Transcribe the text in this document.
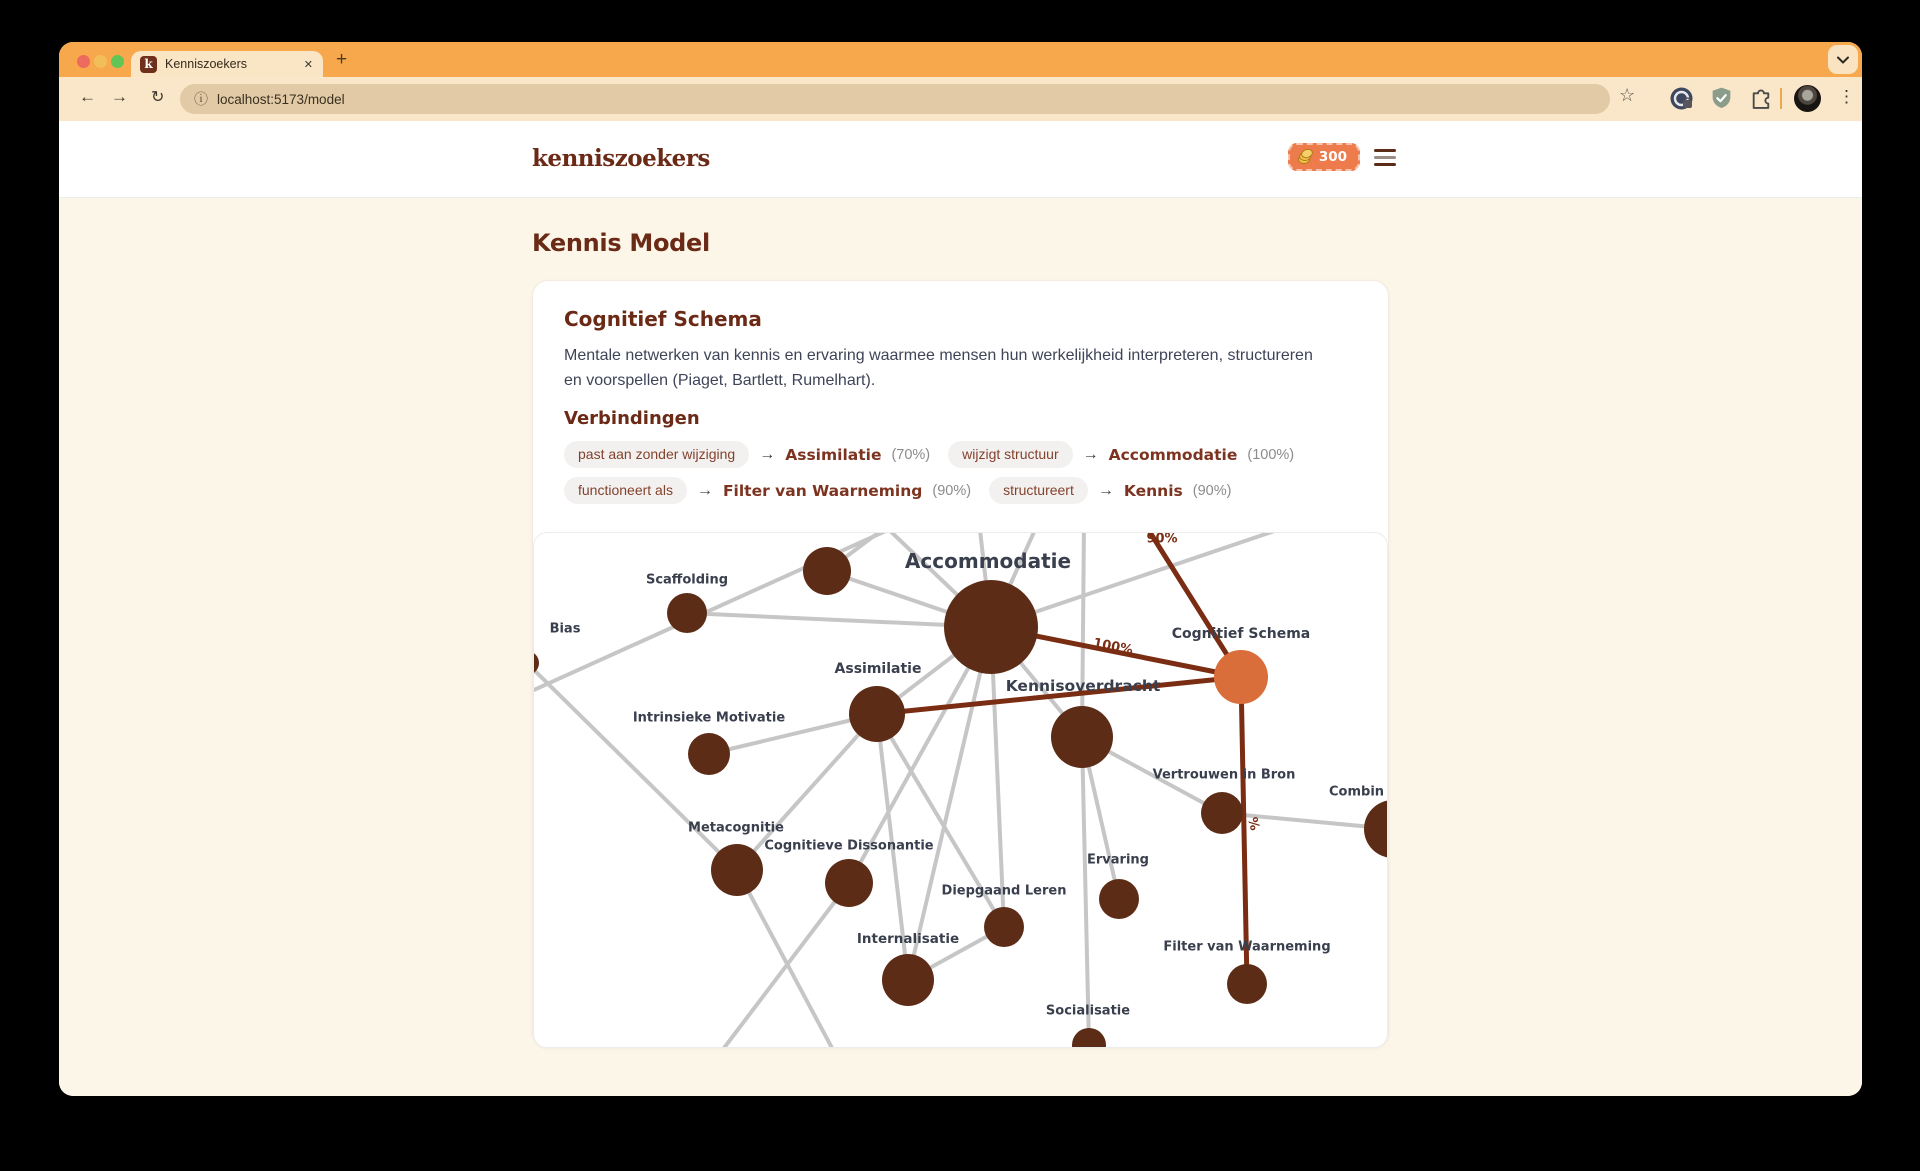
k Kenniszoekers	✕ +
← → ↻ ⓘ localhost:5173/model	☆	⋮
kenniszoekers	300
Kennis Model
Cognitief Schema
Mentale netwerken van kennis en ervaring waarmee mensen hun werkelijkheid interpreteren, structureren
en voorspellen (Piaget, Bartlett, Rumelhart).
Verbindingen
past aan zonder wijziging	→ Assimilatie (70%)	wijzigt structuur	→ Accommodatie (100%)
functioneert als	→ Filter van Waarneming (90%)	structureert	→ Kennis (90%)
Scaffolding
Bias
Accommodatie
Cognitief Schema
Assimilatie
Kennisoverdracht
Intrinsieke Motivatie
Vertrouwen in Bron
Combin
Metacognitie
Cognitieve Dissonantie
Ervaring
Diepgaand Leren
Internalisatie	Filter van Waarneming
Socialisatie
100%
90%
%
